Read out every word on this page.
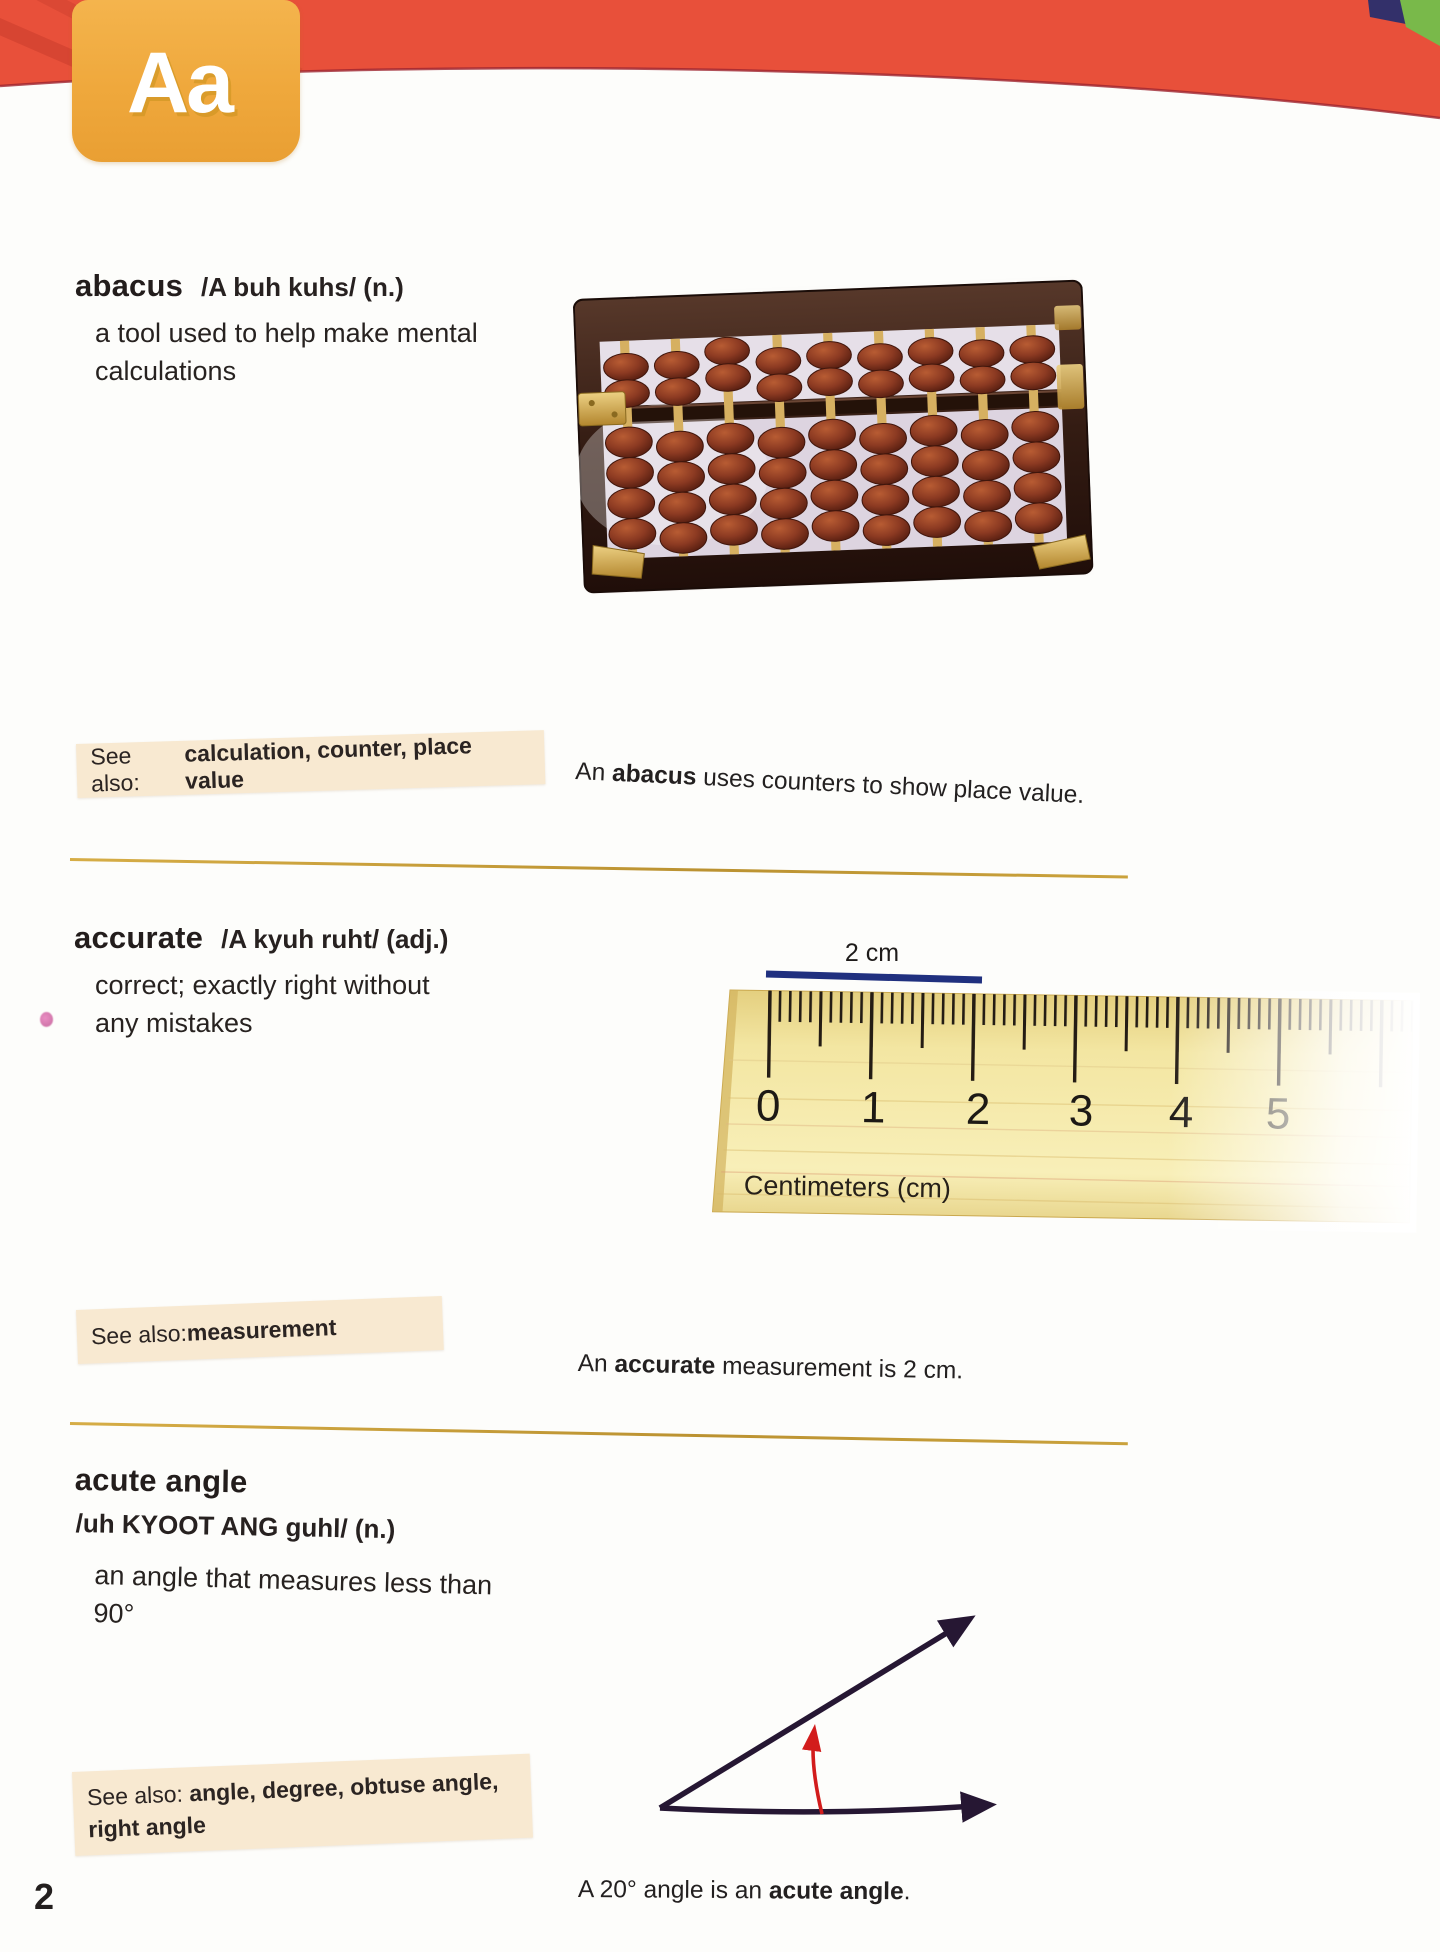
Aa
abacus /A buh kuhs/ (n.)
a tool used to help make mental
calculations
See also:
calculation, counter, place value	An abacus uses counters to show place value.
accurate /A kyuh ruht/ (adj.)
correct; exactly right without
any mistakes
2 cm
0 1 2 3
Centimeters (cm)
See also: measurement
An accurate measurement is 2 cm.
acute angle
/uh KYOOT ANG guhl/ (n.)
an angle that measures less than
90°
See also: angle, degree, obtuse angle,
right angle
A 20° angle is an acute angle.
2
